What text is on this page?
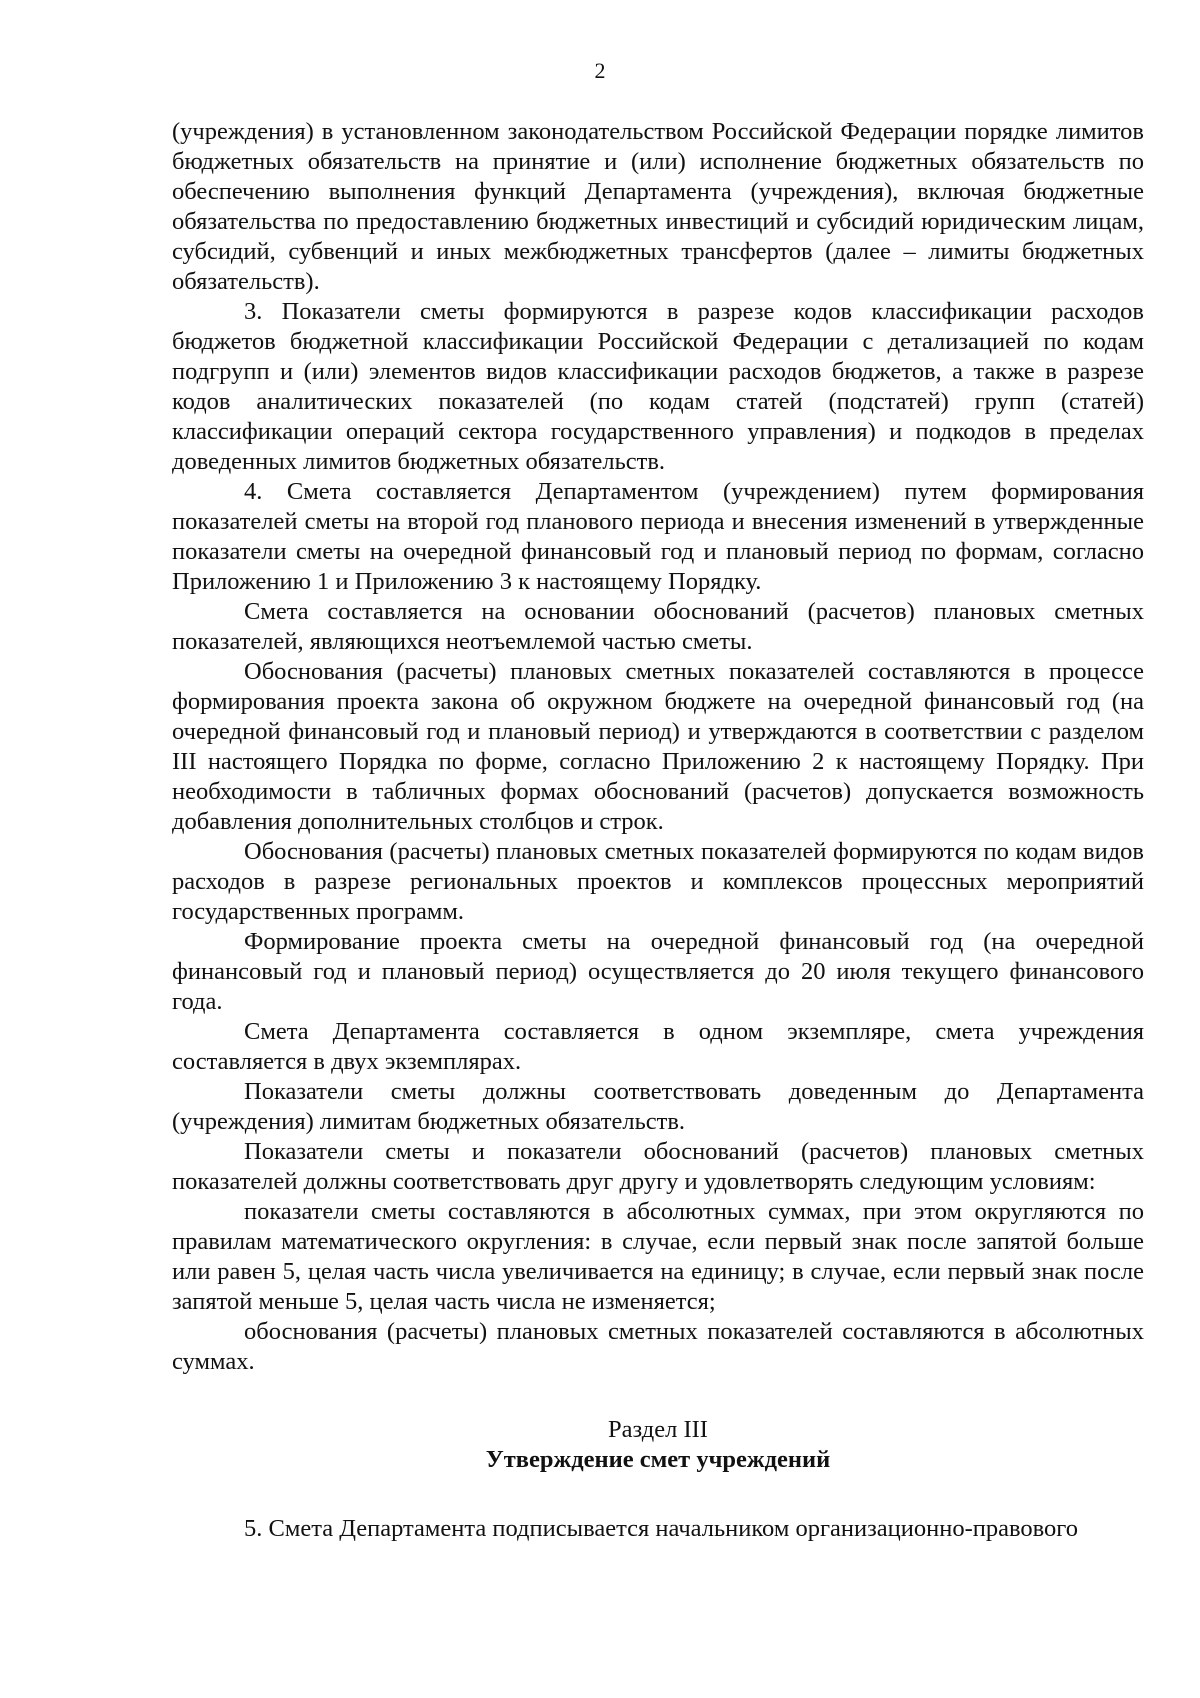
2

(учреждения) в установленном законодательством Российской Федерации порядке лимитов бюджетных обязательств на принятие и (или) исполнение бюджетных обязательств по обеспечению выполнения функций Департамента (учреждения), включая бюджетные обязательства по предоставлению бюджетных инвестиций и субсидий юридическим лицам, субсидий, субвенций и иных межбюджетных трансфертов (далее – лимиты бюджетных обязательств).

3. Показатели сметы формируются в разрезе кодов классификации расходов бюджетов бюджетной классификации Российской Федерации с детализацией по кодам подгрупп и (или) элементов видов классификации расходов бюджетов, а также в разрезе кодов аналитических показателей (по кодам статей (подстатей) групп (статей) классификации операций сектора государственного управления) и подкодов в пределах доведенных лимитов бюджетных обязательств.

4. Смета составляется Департаментом (учреждением) путем формирования показателей сметы на второй год планового периода и внесения изменений в утвержденные показатели сметы на очередной финансовый год и плановый период по формам, согласно Приложению 1 и Приложению 3 к настоящему Порядку.

Смета составляется на основании обоснований (расчетов) плановых сметных показателей, являющихся неотъемлемой частью сметы.

Обоснования (расчеты) плановых сметных показателей составляются в процессе формирования проекта закона об окружном бюджете на очередной финансовый год (на очередной финансовый год и плановый период) и утверждаются в соответствии с разделом III настоящего Порядка по форме, согласно Приложению 2 к настоящему Порядку. При необходимости в табличных формах обоснований (расчетов) допускается возможность добавления дополнительных столбцов и строк.

Обоснования (расчеты) плановых сметных показателей формируются по кодам видов расходов в разрезе региональных проектов и комплексов процессных мероприятий государственных программ.

Формирование проекта сметы на очередной финансовый год (на очередной финансовый год и плановый период) осуществляется до 20 июля текущего финансового года.

Смета Департамента составляется в одном экземпляре, смета учреждения составляется в двух экземплярах.

Показатели сметы должны соответствовать доведенным до Департамента (учреждения) лимитам бюджетных обязательств.

Показатели сметы и показатели обоснований (расчетов) плановых сметных показателей должны соответствовать друг другу и удовлетворять следующим условиям:

показатели сметы составляются в абсолютных суммах, при этом округляются по правилам математического округления: в случае, если первый знак после запятой больше или равен 5, целая часть числа увеличивается на единицу; в случае, если первый знак после запятой меньше 5, целая часть числа не изменяется;

обоснования (расчеты) плановых сметных показателей составляются в абсолютных суммах.

Раздел III

Утверждение смет учреждений

5. Смета Департамента подписывается начальником организационно-правового
